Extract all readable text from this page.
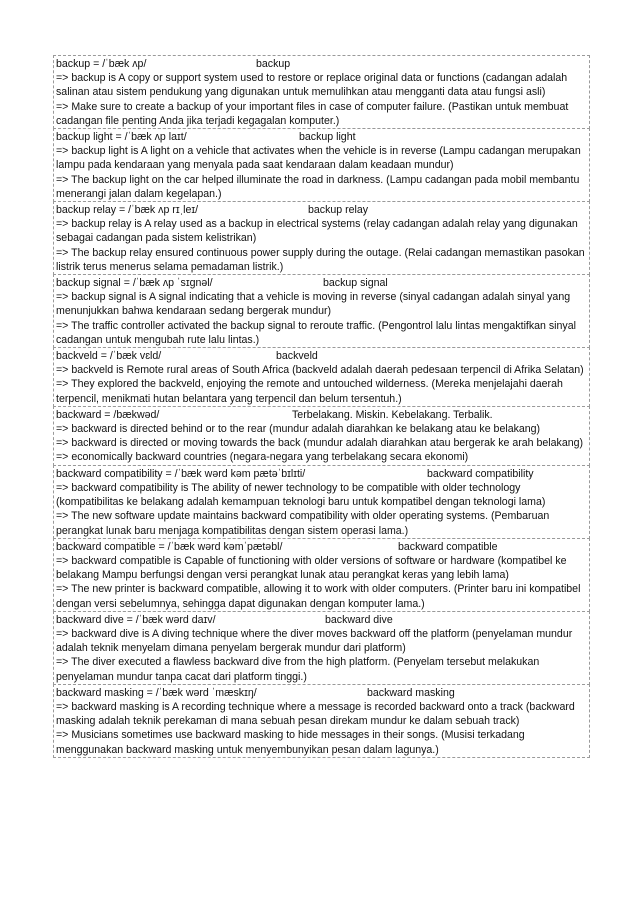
backup = /ˈbæk ʌp/	backup
=> backup is A copy or support system used to restore or replace original data or functions (cadangan adalah salinan atau sistem pendukung yang digunakan untuk memulihkan atau mengganti data atau fungsi asli)
=> Make sure to create a backup of your important files in case of computer failure. (Pastikan untuk membuat cadangan file penting Anda jika terjadi kegagalan komputer.)
backup light = /ˈbæk ʌp laɪt/	backup light
=> backup light is A light on a vehicle that activates when the vehicle is in reverse (Lampu cadangan merupakan lampu pada kendaraan yang menyala pada saat kendaraan dalam keadaan mundur)
=> The backup light on the car helped illuminate the road in darkness. (Lampu cadangan pada mobil membantu menerangi jalan dalam kegelapan.)
backup relay = /ˈbæk ʌp rɪˌleɪ/	backup relay
=> backup relay is A relay used as a backup in electrical systems (relay cadangan adalah relay yang digunakan sebagai cadangan pada sistem kelistrikan)
=> The backup relay ensured continuous power supply during the outage. (Relai cadangan memastikan pasokan listrik terus menerus selama pemadaman listrik.)
backup signal = /ˈbæk ʌp ˈsɪgnəl/	backup signal
=> backup signal is A signal indicating that a vehicle is moving in reverse (sinyal cadangan adalah sinyal yang menunjukkan bahwa kendaraan sedang bergerak mundur)
=> The traffic controller activated the backup signal to reroute traffic. (Pengontrol lalu lintas mengaktifkan sinyal cadangan untuk mengubah rute lalu lintas.)
backveld = /ˈbæk vɛld/	backveld
=> backveld is Remote rural areas of South Africa (backveld adalah daerah pedesaan terpencil di Afrika Selatan)
=> They explored the backveld, enjoying the remote and untouched wilderness. (Mereka menjelajahi daerah terpencil, menikmati hutan belantara yang terpencil dan belum tersentuh.)
backward = /bækwəd/	Terbelakang. Miskin. Kebelakang. Terbalik.
=> backward is directed behind or to the rear (mundur adalah diarahkan ke belakang atau ke belakang)
=> backward is directed or moving towards the back (mundur adalah diarahkan atau bergerak ke arah belakang)
=> economically backward countries (negara-negara yang terbelakang secara ekonomi)
backward compatibility = /ˈbæk wərd kəm pætəˈbɪlɪti/	backward compatibility
=> backward compatibility is The ability of newer technology to be compatible with older technology (kompatibilitas ke belakang adalah kemampuan teknologi baru untuk kompatibel dengan teknologi lama)
=> The new software update maintains backward compatibility with older operating systems. (Pembaruan perangkat lunak baru menjaga kompatibilitas dengan sistem operasi lama.)
backward compatible = /ˈbæk wərd kəmˈpætəbl/	backward compatible
=> backward compatible is Capable of functioning with older versions of software or hardware (kompatibel ke belakang Mampu berfungsi dengan versi perangkat lunak atau perangkat keras yang lebih lama)
=> The new printer is backward compatible, allowing it to work with older computers. (Printer baru ini kompatibel dengan versi sebelumnya, sehingga dapat digunakan dengan komputer lama.)
backward dive = /ˈbæk wərd daɪv/	backward dive
=> backward dive is A diving technique where the diver moves backward off the platform (penyelaman mundur adalah teknik menyelam dimana penyelam bergerak mundur dari platform)
=> The diver executed a flawless backward dive from the high platform. (Penyelam tersebut melakukan penyelaman mundur tanpa cacat dari platform tinggi.)
backward masking = /ˈbæk wərd ˈmæskɪŋ/	backward masking
=> backward masking is A recording technique where a message is recorded backward onto a track (backward masking adalah teknik perekaman di mana sebuah pesan direkam mundur ke dalam sebuah track)
=> Musicians sometimes use backward masking to hide messages in their songs. (Musisi terkadang menggunakan backward masking untuk menyembunyikan pesan dalam lagunya.)
